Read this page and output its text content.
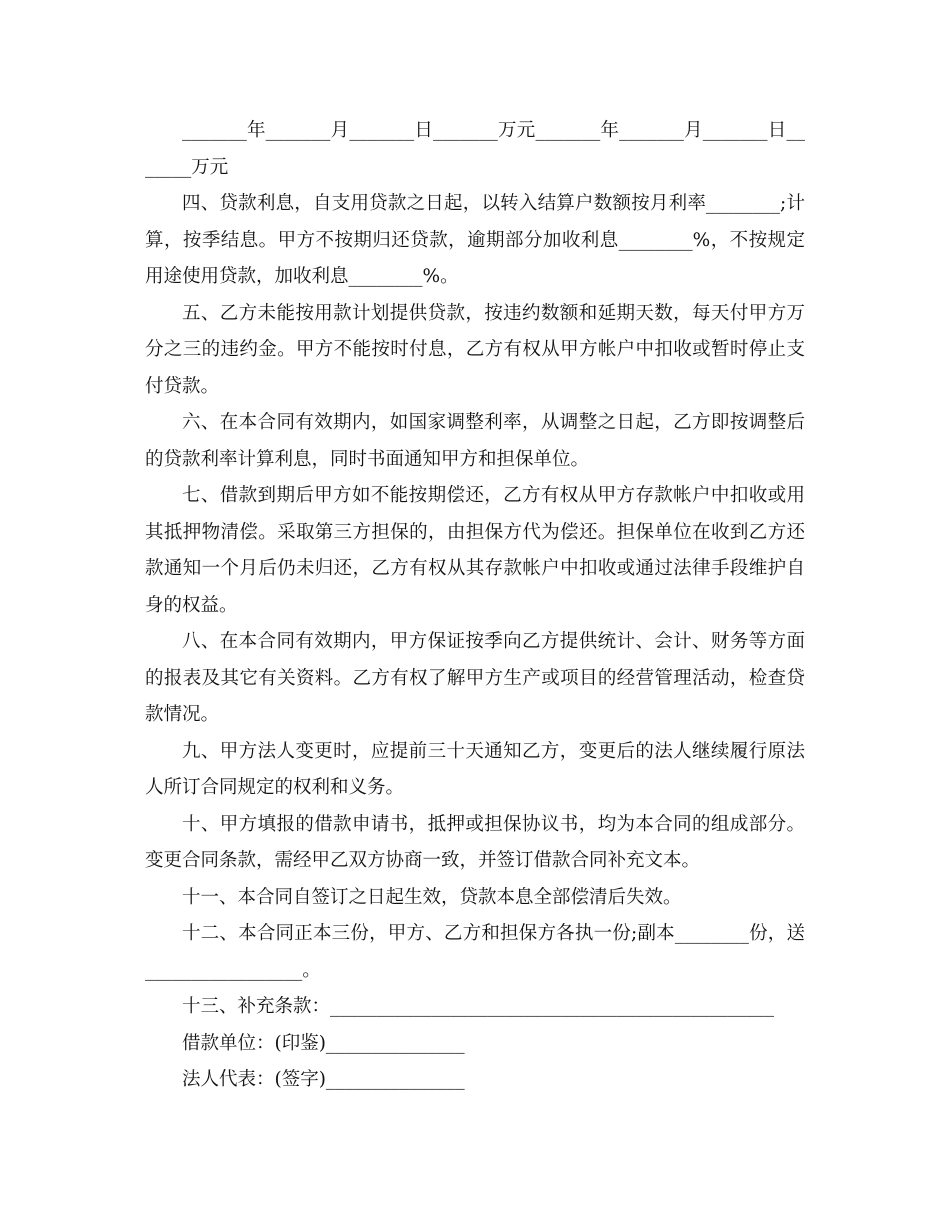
_______年_______月_______日_______万元_______年_______月_______日_______万元

四、贷款利息，自支用贷款之日起，以转入结算户数额按月利率________;计算，按季结息。甲方不按期归还贷款，逾期部分加收利息________%，不按规定用途使用贷款，加收利息________%。

五、乙方未能按用款计划提供贷款，按违约数额和延期天数，每天付甲方万分之三的违约金。甲方不能按时付息，乙方有权从甲方帐户中扣收或暂时停止支付贷款。

六、在本合同有效期内，如国家调整利率，从调整之日起，乙方即按调整后的贷款利率计算利息，同时书面通知甲方和担保单位。

七、借款到期后甲方如不能按期偿还，乙方有权从甲方存款帐户中扣收或用其抵押物清偿。采取第三方担保的，由担保方代为偿还。担保单位在收到乙方还款通知一个月后仍未归还，乙方有权从其存款帐户中扣收或通过法律手段维护自身的权益。

八、在本合同有效期内，甲方保证按季向乙方提供统计、会计、财务等方面的报表及其它有关资料。乙方有权了解甲方生产或项目的经营管理活动，检查贷款情况。

九、甲方法人变更时，应提前三十天通知乙方，变更后的法人继续履行原法人所订合同规定的权利和义务。

十、甲方填报的借款申请书，抵押或担保协议书，均为本合同的组成部分。变更合同条款，需经甲乙双方协商一致，并签订借款合同补充文本。

十一、本合同自签订之日起生效，贷款本息全部偿清后失效。

十二、本合同正本三份，甲方、乙方和担保方各执一份;副本________份，送_________________。

十三、补充条款：________________________________________________

借款单位：(印鉴)_______________

法人代表：(签字)_______________
